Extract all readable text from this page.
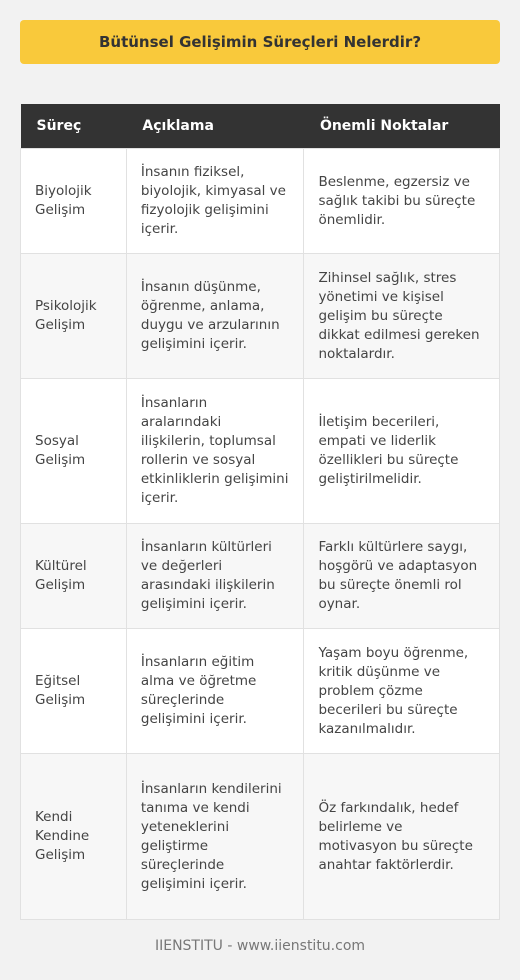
Bütünsel Gelişimin Süreçleri Nelerdir?
Süreç	Açıklama	Önemli Noktalar
Biyolojik Gelişim	İnsanın fiziksel, biyolojik, kimyasal ve fizyolojik gelişimini içerir.	Beslenme, egzersiz ve sağlık takibi bu süreçte önemlidir.
Psikolojik Gelişim	İnsanın düşünme, öğrenme, anlama, duygu ve arzularının gelişimini içerir.	Zihinsel sağlık, stres yönetimi ve kişisel gelişim bu süreçte dikkat edilmesi gereken noktalardır.
Sosyal Gelişim	İnsanların aralarındaki ilişkilerin, toplumsal rollerin ve sosyal etkinliklerin gelişimini içerir.	İletişim becerileri, empati ve liderlik özellikleri bu süreçte geliştirilmelidir.
Kültürel Gelişim	İnsanların kültürleri ve değerleri arasındaki ilişkilerin gelişimini içerir.	Farklı kültürlere saygı, hoşgörü ve adaptasyon bu süreçte önemli rol oynar.
Eğitsel Gelişim	İnsanların eğitim alma ve öğretme süreçlerinde gelişimini içerir.	Yaşam boyu öğrenme, kritik düşünme ve problem çözme becerileri bu süreçte kazanılmalıdır.
Kendi Kendine Gelişim	İnsanların kendilerini tanıma ve kendi yeteneklerini geliştirme süreçlerinde gelişimini içerir.	Öz farkındalık, hedef belirleme ve motivasyon bu süreçte anahtar faktörlerdir.
IIENSTITU - www.iienstitu.com
